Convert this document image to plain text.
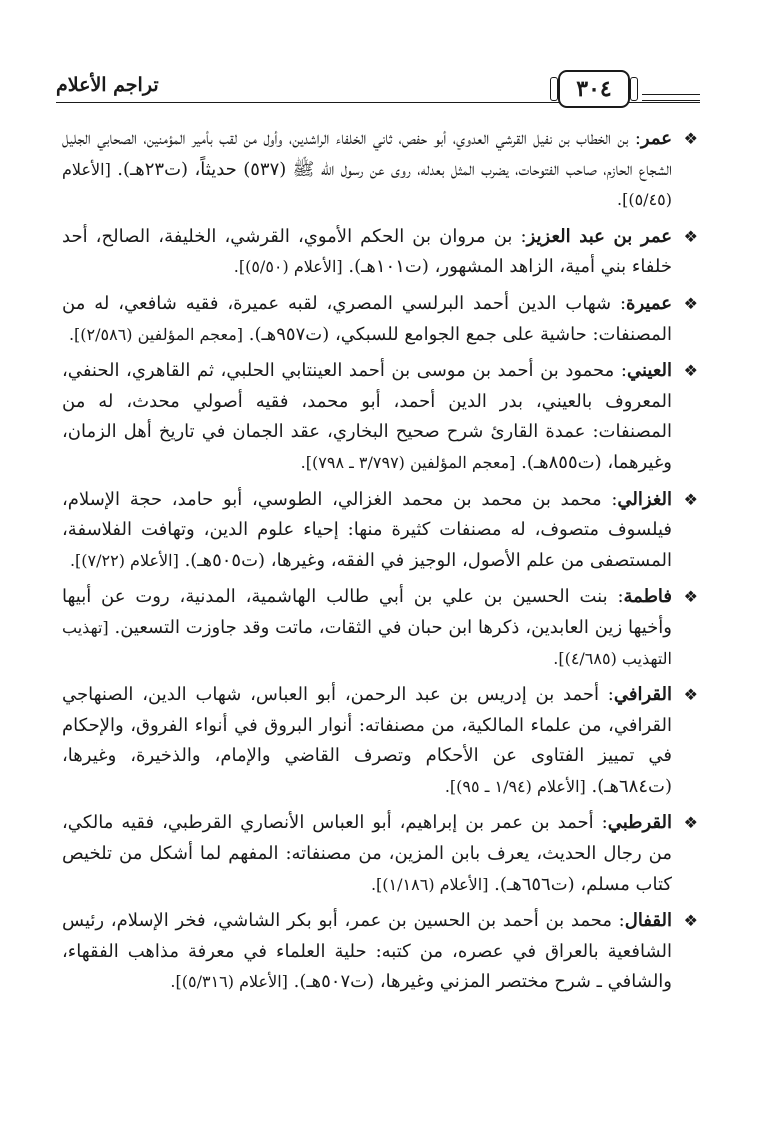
تراجم الأعلام	٣٠٤

❖
عمر: بن الخطاب بن نفيل القرشي العدوي، أبو حفص، ثاني الخلفاء الراشدين، وأول من لقب بأمير المؤمنين، الصحابي الجليل الشجاع الحازم، صاحب الفتوحات، يضرب المثل بعدله، روى عن رسول الله ﷺ (٥٣٧) حديثاً، (ت٢٣هـ). [الأعلام (٥/٤٥)].

❖
عمر بن عبد العزيز: بن مروان بن الحكم الأموي، القرشي، الخليفة، الصالح، أحد خلفاء بني أمية، الزاهد المشهور، (ت١٠١هـ). [الأعلام (٥/٥٠)].

❖
عميرة: شهاب الدين أحمد البرلسي المصري، لقبه عميرة، فقيه شافعي، له من المصنفات: حاشية على جمع الجوامع للسبكي، (ت٩٥٧هـ). [معجم المؤلفين (٢/٥٨٦)].

❖
العيني: محمود بن أحمد بن موسى بن أحمد العينتابي الحلبي، ثم القاهري، الحنفي، المعروف بالعيني، بدر الدين أحمد، أبو محمد، فقيه أصولي محدث، له من المصنفات: عمدة القارئ شرح صحيح البخاري، عقد الجمان في تاريخ أهل الزمان، وغيرهما، (ت٨٥٥هـ). [معجم المؤلفين (٣/٧٩٧ ـ ٧٩٨)].

❖
الغزالي: محمد بن محمد بن محمد الغزالي، الطوسي، أبو حامد، حجة الإسلام، فيلسوف متصوف، له مصنفات كثيرة منها: إحياء علوم الدين، وتهافت الفلاسفة، المستصفى من علم الأصول، الوجيز في الفقه، وغيرها، (ت٥٠٥هـ). [الأعلام (٧/٢٢)].

❖
فاطمة: بنت الحسين بن علي بن أبي طالب الهاشمية، المدنية، روت عن أبيها وأخيها زين العابدين، ذكرها ابن حبان في الثقات، ماتت وقد جاوزت التسعين. [تهذيب التهذيب (٤/٦٨٥)].

❖
القرافي: أحمد بن إدريس بن عبد الرحمن، أبو العباس، شهاب الدين، الصنهاجي القرافي، من علماء المالكية، من مصنفاته: أنوار البروق في أنواء الفروق، والإحكام في تمييز الفتاوى عن الأحكام وتصرف القاضي والإمام، والذخيرة، وغيرها، (ت٦٨٤هـ). [الأعلام (١/٩٤ ـ ٩٥)].

❖
القرطبي: أحمد بن عمر بن إبراهيم، أبو العباس الأنصاري القرطبي، فقيه مالكي، من رجال الحديث، يعرف بابن المزين، من مصنفاته: المفهم لما أشكل من تلخيص كتاب مسلم، (ت٦٥٦هـ). [الأعلام (١/١٨٦)].

❖
القفال: محمد بن أحمد بن الحسين بن عمر، أبو بكر الشاشي، فخر الإسلام، رئيس الشافعية بالعراق في عصره، من كتبه: حلية العلماء في معرفة مذاهب الفقهاء، والشافي ـ شرح مختصر المزني وغيرها، (ت٥٠٧هـ). [الأعلام (٥/٣١٦)].
